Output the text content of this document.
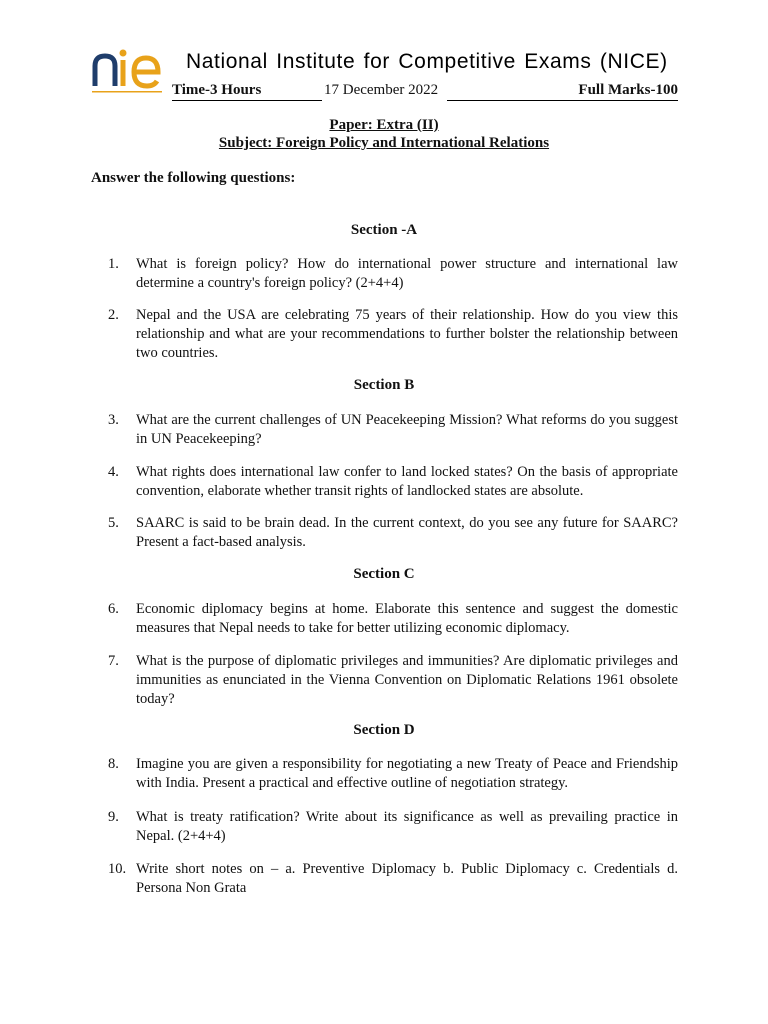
National Institute for Competitive Exams (NICE)
Time-3 Hours	17 December 2022	Full Marks-100
Paper: Extra (II)
Subject: Foreign Policy and International Relations
Answer the following questions:
Section -A
1.	What is foreign policy? How do international power structure and international law determine a country's foreign policy? (2+4+4)
2.	Nepal and the USA are celebrating 75 years of their relationship. How do you view this relationship and what are your recommendations to further bolster the relationship between two countries.
Section B
3.	What are the current challenges of UN Peacekeeping Mission? What reforms do you suggest in UN Peacekeeping?
4.	What rights does international law confer to land locked states? On the basis of appropriate convention, elaborate whether transit rights of landlocked states are absolute.
5.	SAARC is said to be brain dead. In the current context, do you see any future for SAARC? Present a fact-based analysis.
Section C
6.	Economic diplomacy begins at home. Elaborate this sentence and suggest the domestic measures that Nepal needs to take for better utilizing economic diplomacy.
7.	What is the purpose of diplomatic privileges and immunities? Are diplomatic privileges and immunities as enunciated in the Vienna Convention on Diplomatic Relations 1961 obsolete today?
Section D
8.	Imagine you are given a responsibility for negotiating a new Treaty of Peace and Friendship with India. Present a practical and effective outline of negotiation strategy.
9.	What is treaty ratification? Write about its significance as well as prevailing practice in Nepal. (2+4+4)
10. Write short notes on – a. Preventive Diplomacy b. Public Diplomacy c. Credentials d. Persona Non Grata
